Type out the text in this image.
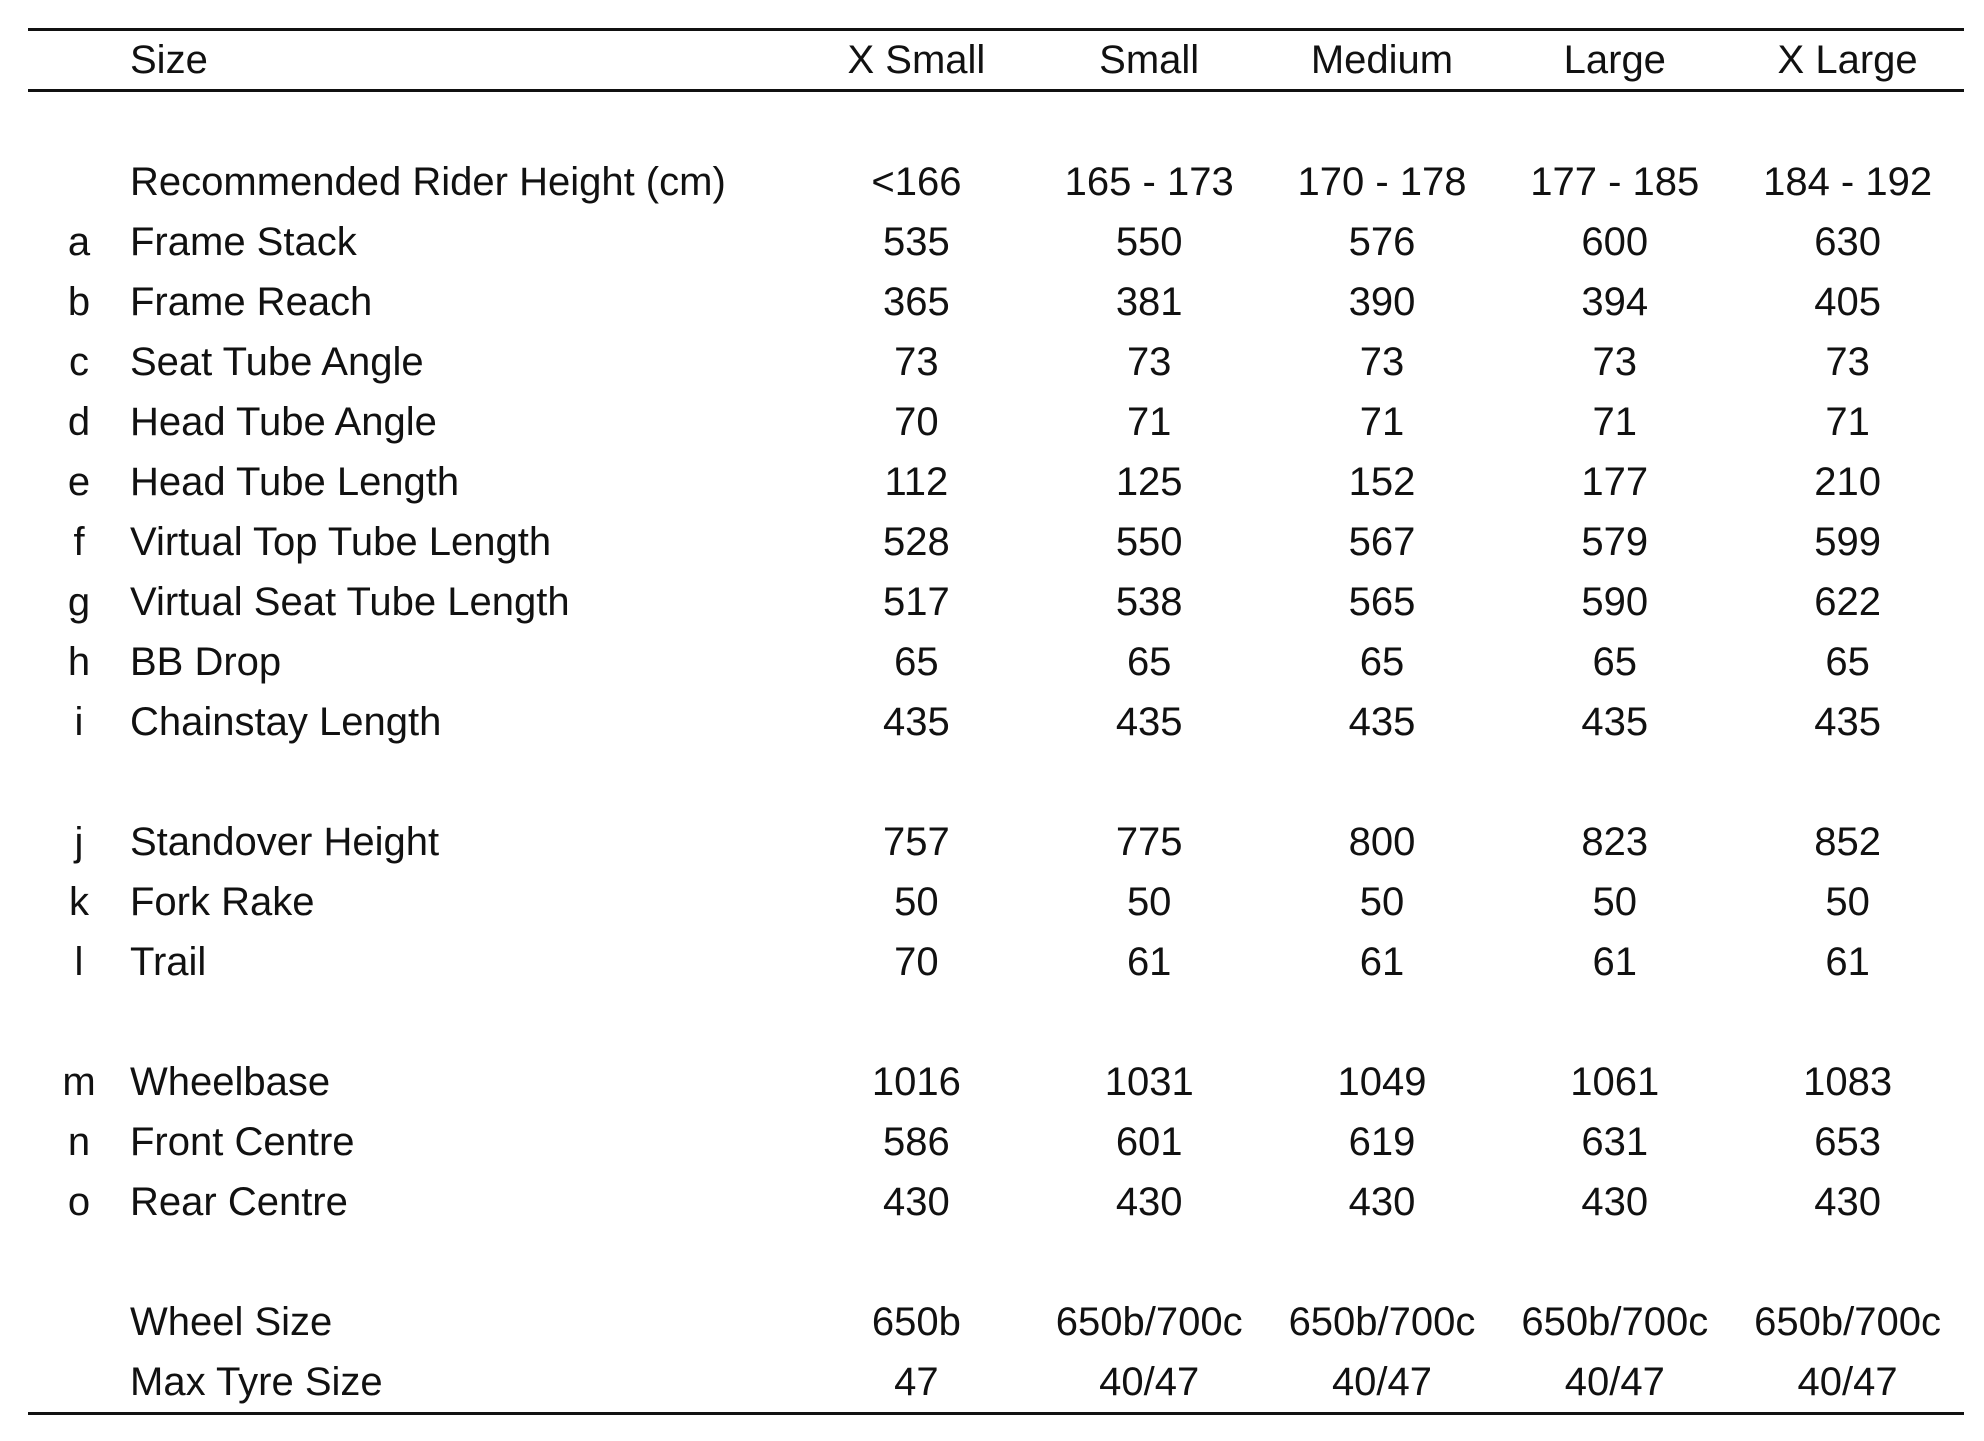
	Size	X Small	Small	Medium	Large	X Large

	Recommended Rider Height (cm)	<166	165 - 173	170 - 178	177 - 185	184 - 192
a	Frame Stack	535	550	576	600	630
b	Frame Reach	365	381	390	394	405
c	Seat Tube Angle	73	73	73	73	73
d	Head Tube Angle	70	71	71	71	71
e	Head Tube Length	112	125	152	177	210
f	Virtual Top Tube Length	528	550	567	579	599
g	Virtual Seat Tube Length	517	538	565	590	622
h	BB Drop	65	65	65	65	65
i	Chainstay Length	435	435	435	435	435

j	Standover Height	757	775	800	823	852
k	Fork Rake	50	50	50	50	50
l	Trail	70	61	61	61	61

m	Wheelbase	1016	1031	1049	1061	1083
n	Front Centre	586	601	619	631	653
o	Rear Centre	430	430	430	430	430

	Wheel Size	650b	650b/700c	650b/700c	650b/700c	650b/700c
	Max Tyre Size	47	40/47	40/47	40/47	40/47
